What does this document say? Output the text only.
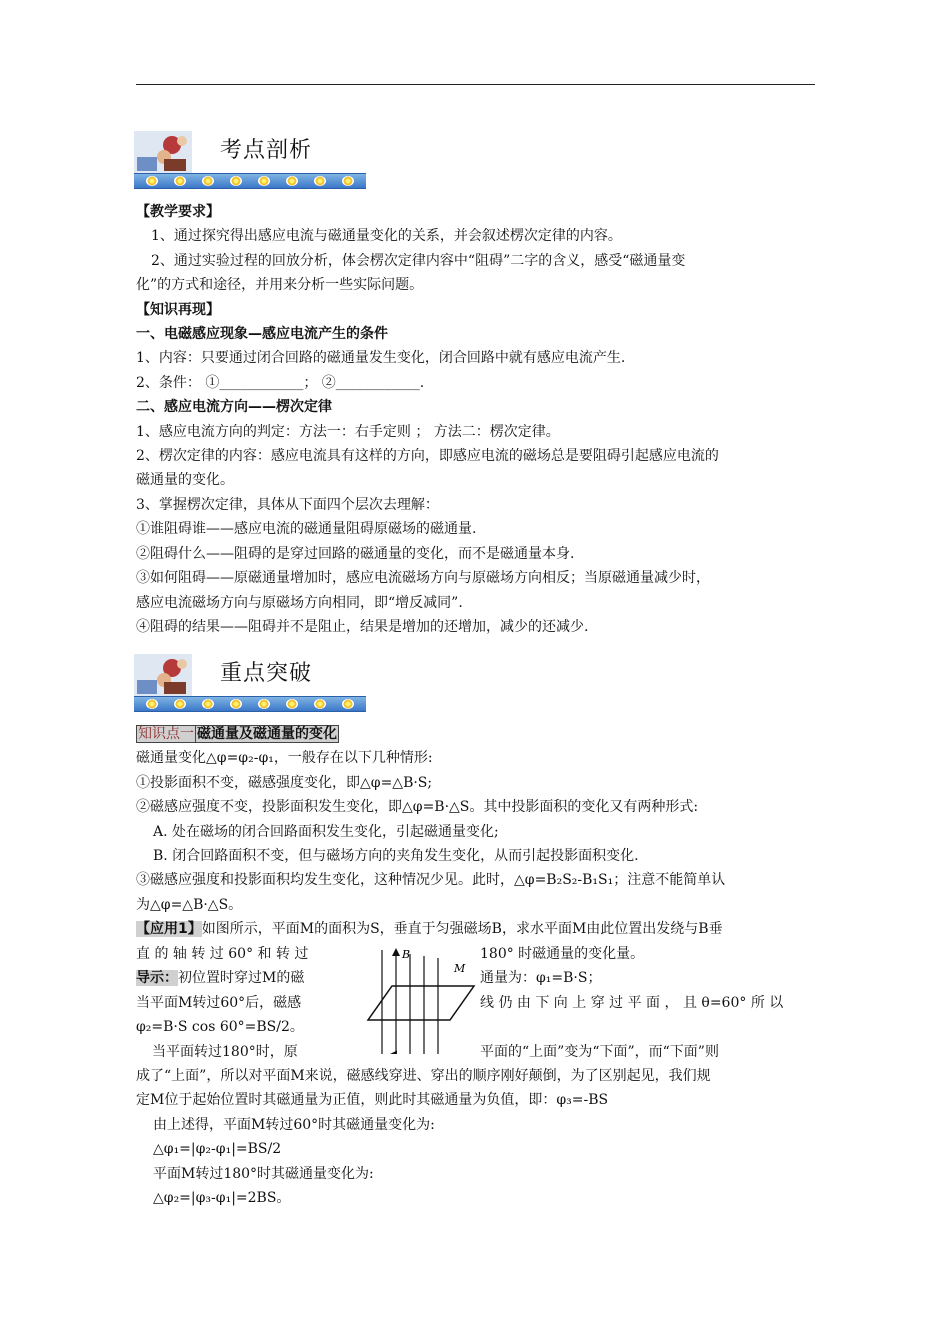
考点剖析

【教学要求】

1、通过探究得出感应电流与磁通量变化的关系，并会叙述楞次定律的内容。

2、通过实验过程的回放分析，体会楞次定律内容中“阻碍”二字的含义，感受“磁通量变

化”的方式和途径，并用来分析一些实际问题。

【知识再现】

一、电磁感应现象—感应电流产生的条件

1、内容：只要通过闭合回路的磁通量发生变化，闭合回路中就有感应电流产生.

2、条件： ①____________； ②____________.

二、感应电流方向——楞次定律

1、感应电流方向的判定：方法一：右手定则 ； 方法二：楞次定律。

2、楞次定律的内容：感应电流具有这样的方向，即感应电流的磁场总是要阻碍引起感应电流的

磁通量的变化。

3、掌握楞次定律，具体从下面四个层次去理解：

①谁阻碍谁——感应电流的磁通量阻碍原磁场的磁通量.

②阻碍什么——阻碍的是穿过回路的磁通量的变化，而不是磁通量本身.

③如何阻碍——原磁通量增加时，感应电流磁场方向与原磁场方向相反；当原磁通量减少时，

感应电流磁场方向与原磁场方向相同，即“增反减同”.

④阻碍的结果——阻碍并不是阻止，结果是增加的还增加，减少的还减少.

重点突破

知识点一 磁通量及磁通量的变化

磁通量变化△φ=φ₂-φ₁，一般存在以下几种情形:

①投影面积不变，磁感强度变化，即△φ=△B·S;

②磁感应强度不变，投影面积发生变化，即△φ=B·△S。其中投影面积的变化又有两种形式:

A. 处在磁场的闭合回路面积发生变化，引起磁通量变化;

B. 闭合回路面积不变，但与磁场方向的夹角发生变化，从而引起投影面积变化.

③磁感应强度和投影面积均发生变化，这种情况少见。此时，△φ=B₂S₂-B₁S₁；注意不能简单认

为△φ=△B·△S。

【应用1】如图所示，平面M的面积为S，垂直于匀强磁场B，求水平面M由此位置出发绕与B垂

直 的 轴 转 过 60° 和 转 过	180° 时磁通量的变化量。
导示：初位置时穿过M的磁	通量为：φ₁=B·S；
当平面M转过60°后，磁感	线 仍 由 下 向 上 穿 过 平 面 ， 且 θ=60° 所 以
φ₂=B·S cos 60°=BS/2。
当平面转过180°时，原	平面的“上面”变为“下面”，而“下面”则
B
M

成了“上面”，所以对平面M来说，磁感线穿进、穿出的顺序刚好颠倒，为了区别起见，我们规

定M位于起始位置时其磁通量为正值，则此时其磁通量为负值，即：φ₃=-BS

由上述得，平面M转过60°时其磁通量变化为:

△φ₁=|φ₂-φ₁|=BS/2

平面M转过180°时其磁通量变化为:

△φ₂=|φ₃-φ₁|=2BS。
